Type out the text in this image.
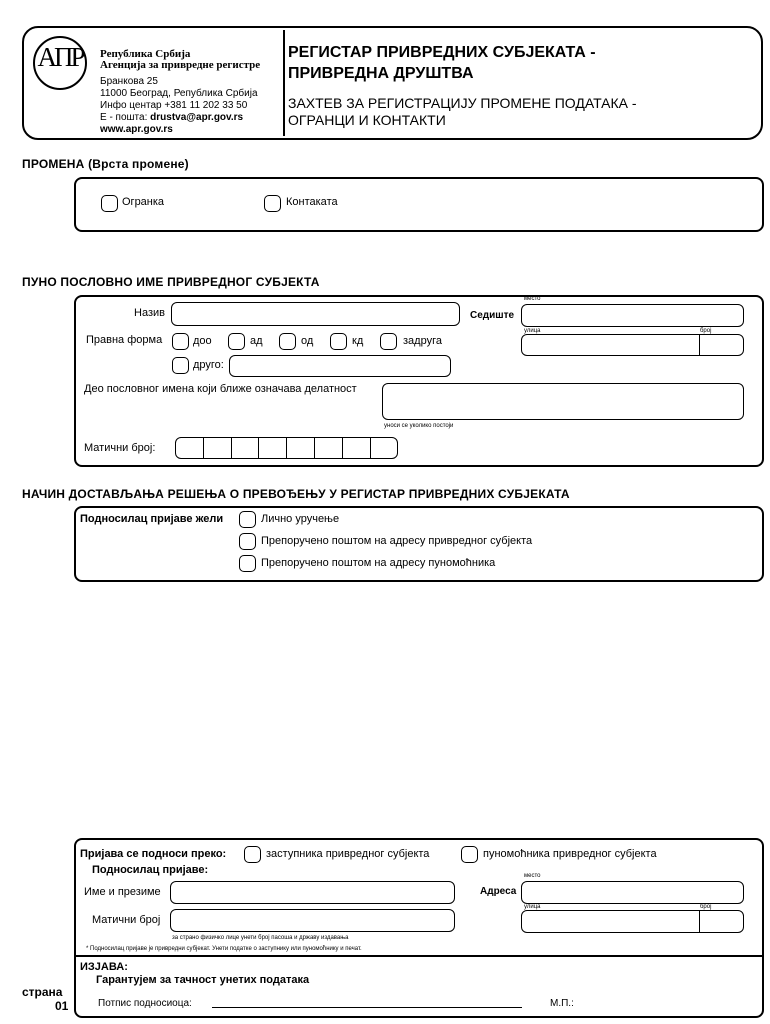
АПР	Република Србија
Агенција за привредне регистре
Бранкова 25
11000 Београд, Република Србија
Инфо центар +381 11 202 33 50
Е - пошта: drustva@apr.gov.rs
www.apr.gov.rs
РЕГИСТАР ПРИВРЕДНИХ СУБЈЕКАТА -
ПРИВРЕДНА ДРУШТВА
ЗАХТЕВ ЗА РЕГИСТРАЦИЈУ ПРОМЕНЕ ПОДАТАКА -
ОГРАНЦИ И КОНТАКТИ
ПРОМЕНА (Врста промене)
Огранка	Контаката
ПУНО ПОСЛОВНО ИМЕ ПРИВРЕДНОГ СУБЈЕКТА
Назив	Седиште
место
улица	број
Правна форма	доо	ад	од	кд	задруга
друго:
Део пословног имена који ближе означава делатност
уноси се уколико постоји
Матични број:
НАЧИН ДОСТАВЉАЊА РЕШЕЊА О ПРЕВОЂЕЊУ У РЕГИСТАР ПРИВРЕДНИХ СУБЈЕКАТА
Подносилац пријаве жели	Лично уручење
Препоручено поштом на адресу привредног субјекта
Препоручено поштом на адресу пуномоћника
Пријава се подноси преко:	заступника привредног субјекта	пуномоћника привредног субјекта
Подносилац пријаве:
Име и презиме	Адреса
место
улица	број
Матични број
за страно физичко лице унети број пасоша и државу издавања
* Подносилац пријаве је привредни субјекат. Унети податке о заступнику или пуномоћнику и печат.
ИЗЈАВА:
Гарантујем за тачност унетих података
Потпис подносиоца:	М.П.:
страна
01
